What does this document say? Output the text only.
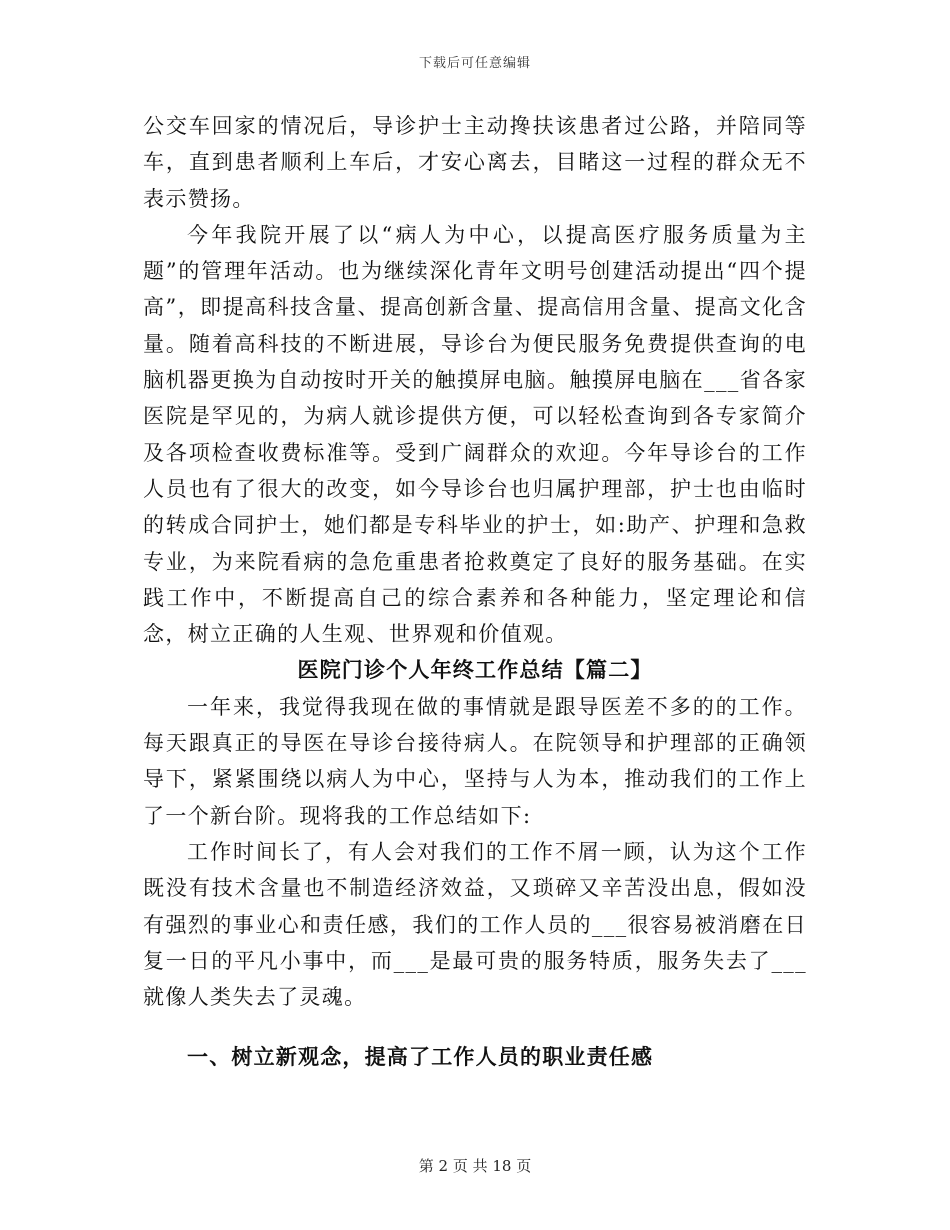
下载后可任意编辑

公交车回家的情况后，导诊护士主动搀扶该患者过公路，并陪同等车，直到患者顺利上车后，才安心离去，目睹这一过程的群众无不表示赞扬。

今年我院开展了以“病人为中心，以提高医疗服务质量为主题”的管理年活动。也为继续深化青年文明号创建活动提出“四个提高”，即提高科技含量、提高创新含量、提高信用含量、提高文化含量。随着高科技的不断进展，导诊台为便民服务免费提供查询的电脑机器更换为自动按时开关的触摸屏电脑。触摸屏电脑在___省各家医院是罕见的，为病人就诊提供方便，可以轻松查询到各专家简介及各项检查收费标准等。受到广阔群众的欢迎。今年导诊台的工作人员也有了很大的改变，如今导诊台也归属护理部，护士也由临时的转成合同护士，她们都是专科毕业的护士，如:助产、护理和急救专业，为来院看病的急危重患者抢救奠定了良好的服务基础。在实践工作中，不断提高自己的综合素养和各种能力，坚定理论和信念，树立正确的人生观、世界观和价值观。

医院门诊个人年终工作总结【篇二】

一年来，我觉得我现在做的事情就是跟导医差不多的的工作。每天跟真正的导医在导诊台接待病人。在院领导和护理部的正确领导下，紧紧围绕以病人为中心，坚持与人为本，推动我们的工作上了一个新台阶。现将我的工作总结如下:

工作时间长了，有人会对我们的工作不屑一顾，认为这个工作既没有技术含量也不制造经济效益，又琐碎又辛苦没出息，假如没有强烈的事业心和责任感，我们的工作人员的___很容易被消磨在日复一日的平凡小事中，而___是最可贵的服务特质，服务失去了___就像人类失去了灵魂。

一、树立新观念，提高了工作人员的职业责任感
第 2 页 共 18 页
